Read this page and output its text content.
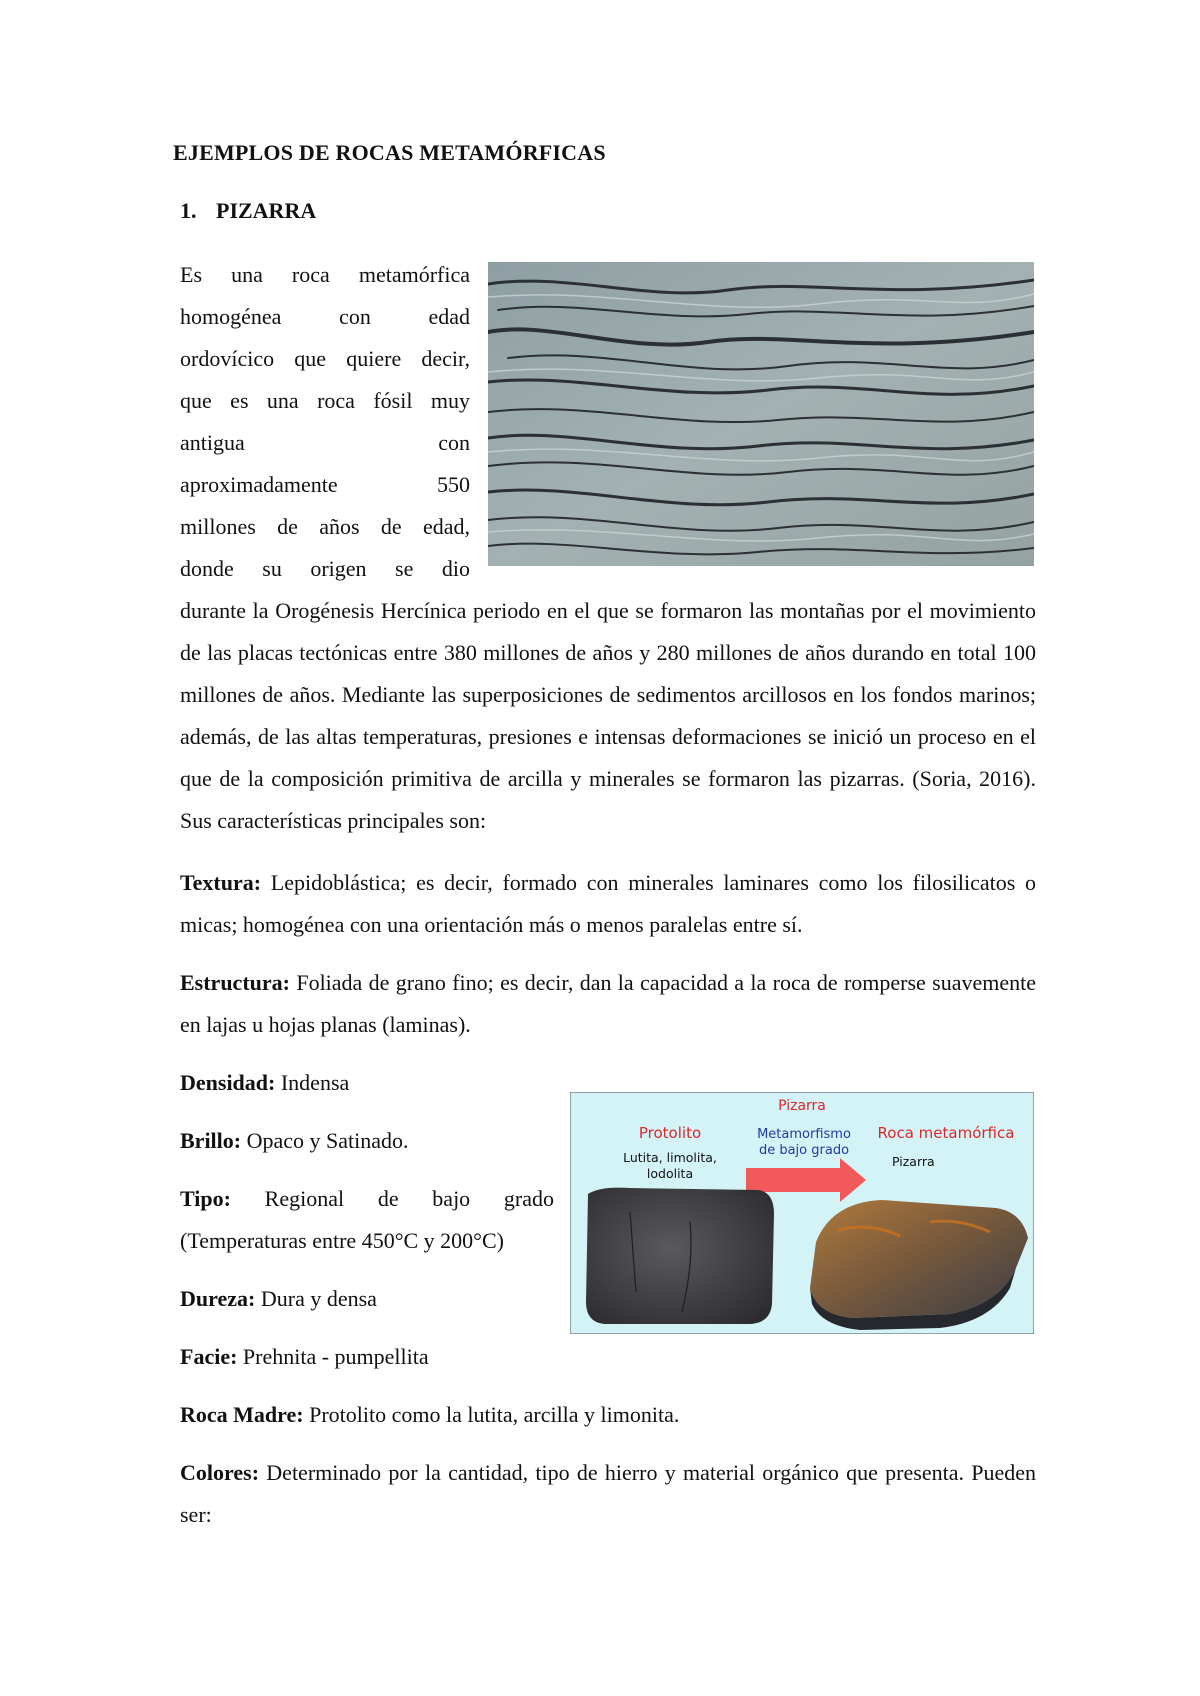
EJEMPLOS DE ROCAS METAMÓRFICAS
1. PIZARRA

Es una roca metamórfica

homogénea con edad

ordovícico que quiere decir,

que es una roca fósil muy

antigua con

aproximadamente 550

millones de años de edad,

donde su origen se dio

durante la Orogénesis Hercínica periodo en el que se formaron las montañas por el movimiento de las placas tectónicas entre 380 millones de años y 280 millones de años durando en total 100 millones de años. Mediante las superposiciones de sedimentos arcillosos en los fondos marinos; además, de las altas temperaturas, presiones e intensas deformaciones se inició un proceso en el que de la composición primitiva de arcilla y minerales se formaron las pizarras. (Soria, 2016). Sus características principales son:

Textura: Lepidoblástica; es decir, formado con minerales laminares como los filosilicatos o micas; homogénea con una orientación más o menos paralelas entre sí.

Estructura: Foliada de grano fino; es decir, dan la capacidad a la roca de romperse suavemente en lajas u hojas planas (laminas).

Densidad: Indensa

Brillo: Opaco y Satinado.

Tipo: Regional de bajo grado

(Temperaturas entre 450°C y 200°C)

Dureza: Dura y densa

Facie: Prehnita - pumpellita

Roca Madre: Protolito como la lutita, arcilla y limonita.

Colores: Determinado por la cantidad, tipo de hierro y material orgánico que presenta. Pueden ser:

Pizarra
Protolito
Lutita, limolita,
lodolita
Metamorfismo
de bajo grado
Roca metamórfica
Pizarra
